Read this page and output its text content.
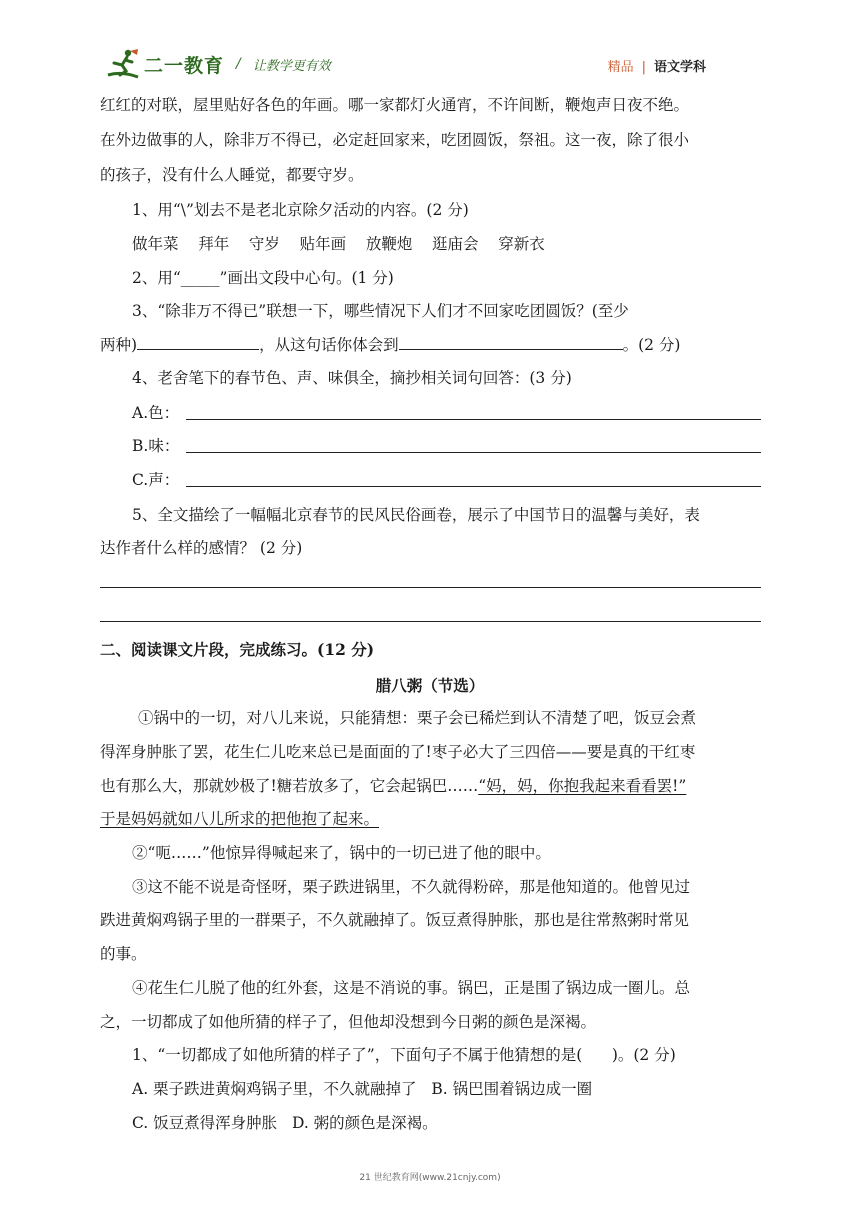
二一教育 / 让教学更有效	精品 | 语文学科
红红的对联，屋里贴好各色的年画。哪一家都灯火通宵，不许间断，鞭炮声日夜不绝。
在外边做事的人，除非万不得已，必定赶回家来，吃团圆饭，祭祖。这一夜，除了很小
的孩子，没有什么人睡觉，都要守岁。
1、用“\”划去不是老北京除夕活动的内容。(2 分)
做年菜    拜年    守岁    贴年画    放鞭炮    逛庙会    穿新衣
2、用“_____”画出文段中心句。(1 分)
3、“除非万不得已”联想一下，哪些情况下人们才不回家吃团圆饭？(至少
两种)	，从这句话你体会到	。(2 分)
4、老舍笔下的春节色、声、味俱全，摘抄相关词句回答：(3 分)
A.色：
B.味：
C.声：
5、全文描绘了一幅幅北京春节的民风民俗画卷，展示了中国节日的温馨与美好，表
达作者什么样的感情？ (2 分)
二、阅读课文片段，完成练习。(12 分)
腊八粥（节选）
①锅中的一切，对八儿来说，只能猜想：栗子会已稀烂到认不清楚了吧，饭豆会煮
得浑身肿胀了罢，花生仁儿吃来总已是面面的了!枣子必大了三四倍——要是真的干红枣
也有那么大，那就妙极了!糖若放多了，它会起锅巴……“妈，妈，你抱我起来看看罢!”
于是妈妈就如八儿所求的把他抱了起来。
②“呃……”他惊异得喊起来了，锅中的一切已进了他的眼中。
③这不能不说是奇怪呀，栗子跌进锅里，不久就得粉碎，那是他知道的。他曾见过
跌进黄焖鸡锅子里的一群栗子，不久就融掉了。饭豆煮得肿胀，那也是往常熬粥时常见
的事。
④花生仁儿脱了他的红外套，这是不消说的事。锅巴，正是围了锅边成一圈儿。总
之，一切都成了如他所猜的样子了，但他却没想到今日粥的颜色是深褐。
1、“一切都成了如他所猜的样子了”，下面句子不属于他猜想的是(      )。(2 分)
A. 栗子跌进黄焖鸡锅子里，不久就融掉了   B. 锅巴围着锅边成一圈
C. 饭豆煮得浑身肿胀   D. 粥的颜色是深褐。
21 世纪教育网(www.21cnjy.com)
